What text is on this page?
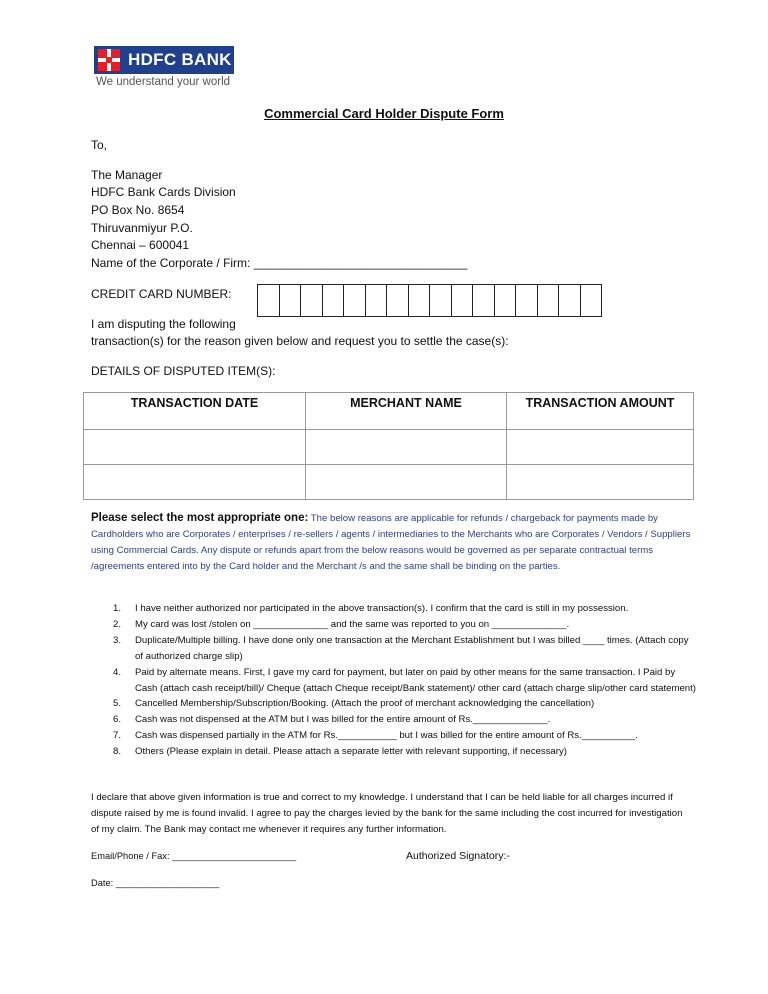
HDFC BANK
We understand your world
Commercial Card Holder Dispute Form
To,
The Manager
HDFC Bank Cards Division
PO Box No. 8654
Thiruvanmiyur P.O.
Chennai – 600041
Name of the Corporate / Firm: ________________________________
CREDIT CARD NUMBER:
I am disputing the following
transaction(s) for the reason given below and request you to settle the case(s):
DETAILS OF DISPUTED ITEM(S):
TRANSACTION DATE	MERCHANT NAME	TRANSACTION AMOUNT

Please select the most appropriate one: The below reasons are applicable for refunds / chargeback for payments made by Cardholders who are Corporates / enterprises / re-sellers / agents / intermediaries to the Merchants who are Corporates / Vendors / Suppliers using Commercial Cards. Any dispute or refunds apart from the below reasons would be governed as per separate contractual terms /agreements entered into by the Card holder and the Merchant /s and the same shall be binding on the parties.
1. I have neither authorized nor participated in the above transaction(s). I confirm that the card is still in my possession.
2. My card was lost /stolen on ______________ and the same was reported to you on ______________.
3. Duplicate/Multiple billing. I have done only one transaction at the Merchant Establishment but I was billed ____ times. (Attach copy of authorized charge slip)
4. Paid by alternate means. First, I gave my card for payment, but later on paid by other means for the same transaction. I Paid by Cash (attach cash receipt/bill)/ Cheque (attach Cheque receipt/Bank statement)/ other card (attach charge slip/other card statement)
5. Cancelled Membership/Subscription/Booking. (Attach the proof of merchant acknowledging the cancellation)
6. Cash was not dispensed at the ATM but I was billed for the entire amount of Rs.______________.
7. Cash was dispensed partially in the ATM for Rs.___________ but I was billed for the entire amount of Rs.__________.
8. Others (Please explain in detail. Please attach a separate letter with relevant supporting, if necessary)
I declare that above given information is true and correct to my knowledge. I understand that I can be held liable for all charges incurred if dispute raised by me is found invalid. I agree to pay the charges levied by the bank for the same including the cost incurred for investigation of my claim. The Bank may contact me whenever it requires any further information.
Email/Phone / Fax: ________________________	Authorized Signatory:-
Date: ____________________
